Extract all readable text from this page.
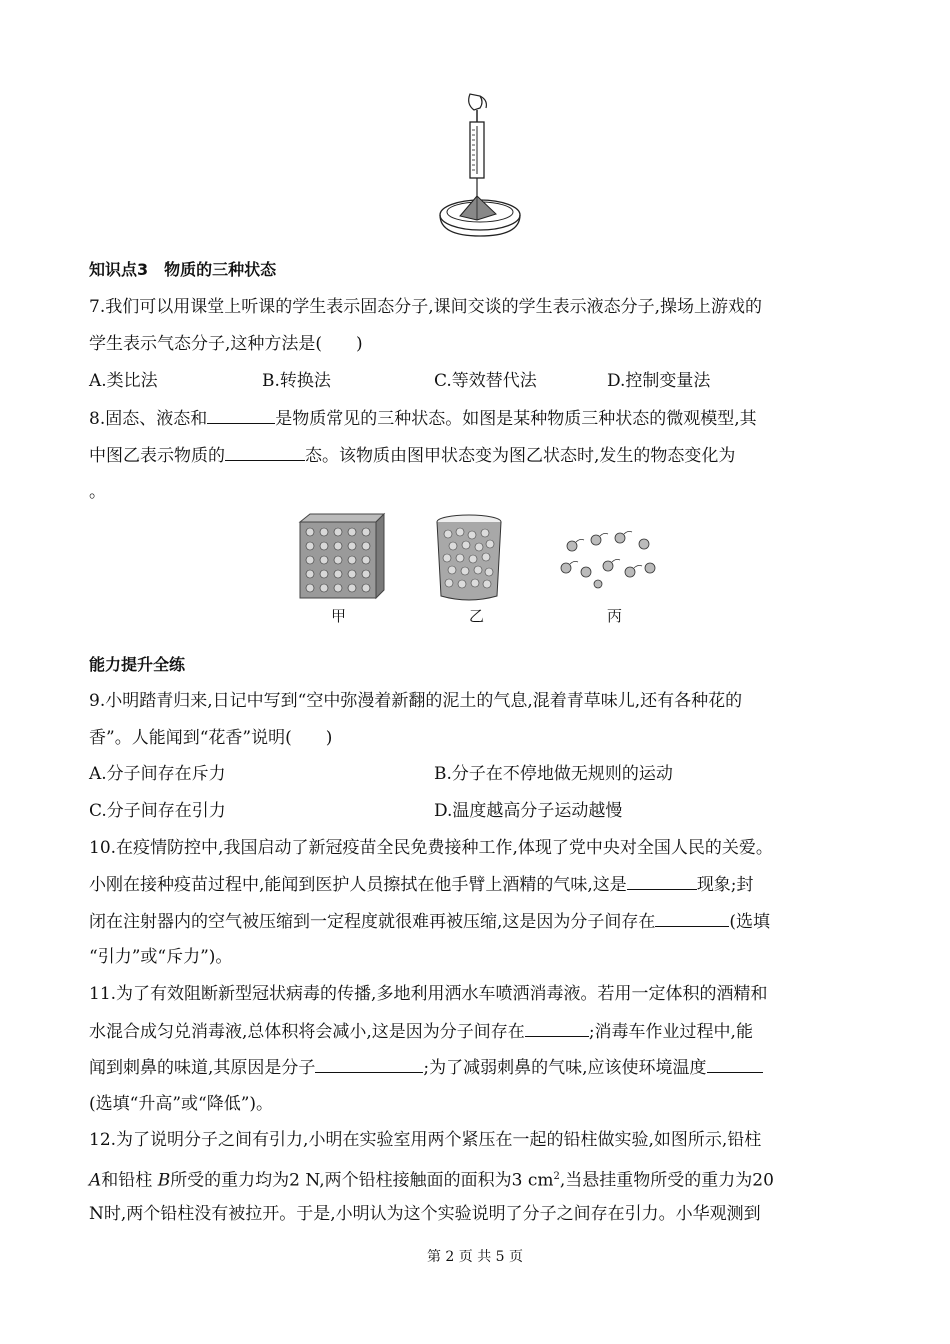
知识点3　物质的三种状态
7.我们可以用课堂上听课的学生表示固态分子,课间交谈的学生表示液态分子,操场上游戏的
学生表示气态分子,这种方法是(　　)
A.类比法	B.转换法	C.等效替代法	D.控制变量法
8.固态、液态和	是物质常见的三种状态。如图是某种物质三种状态的微观模型,其
中图乙表示物质的	态。该物质由图甲状态变为图乙状态时,发生的物态变化为
。
甲	乙	丙
能力提升全练
9.小明踏青归来,日记中写到“空中弥漫着新翻的泥土的气息,混着青草味儿,还有各种花的
香”。人能闻到“花香”说明(　　)
A.分子间存在斥力	B.分子在不停地做无规则的运动
C.分子间存在引力	D.温度越高分子运动越慢
10.在疫情防控中,我国启动了新冠疫苗全民免费接种工作,体现了党中央对全国人民的关爱。
小刚在接种疫苗过程中,能闻到医护人员擦拭在他手臂上酒精的气味,这是	现象;封
闭在注射器内的空气被压缩到一定程度就很难再被压缩,这是因为分子间存在	(选填
“引力”或“斥力”)。
11.为了有效阻断新型冠状病毒的传播,多地利用洒水车喷洒消毒液。若用一定体积的酒精和
水混合成匀兑消毒液,总体积将会减小,这是因为分子间存在	;消毒车作业过程中,能
闻到刺鼻的味道,其原因是分子	;为了减弱刺鼻的气味,应该使环境温度
(选填“升高”或“降低”)。
12.为了说明分子之间有引力,小明在实验室用两个紧压在一起的铅柱做实验,如图所示,铅柱
A和铅柱 B所受的重力均为2 N,两个铅柱接触面的面积为3 $cm^2$,当悬挂重物所受的重力为20
N时,两个铅柱没有被拉开。于是,小明认为这个实验说明了分子之间存在引力。小华观测到
第 2 页 共 5 页
